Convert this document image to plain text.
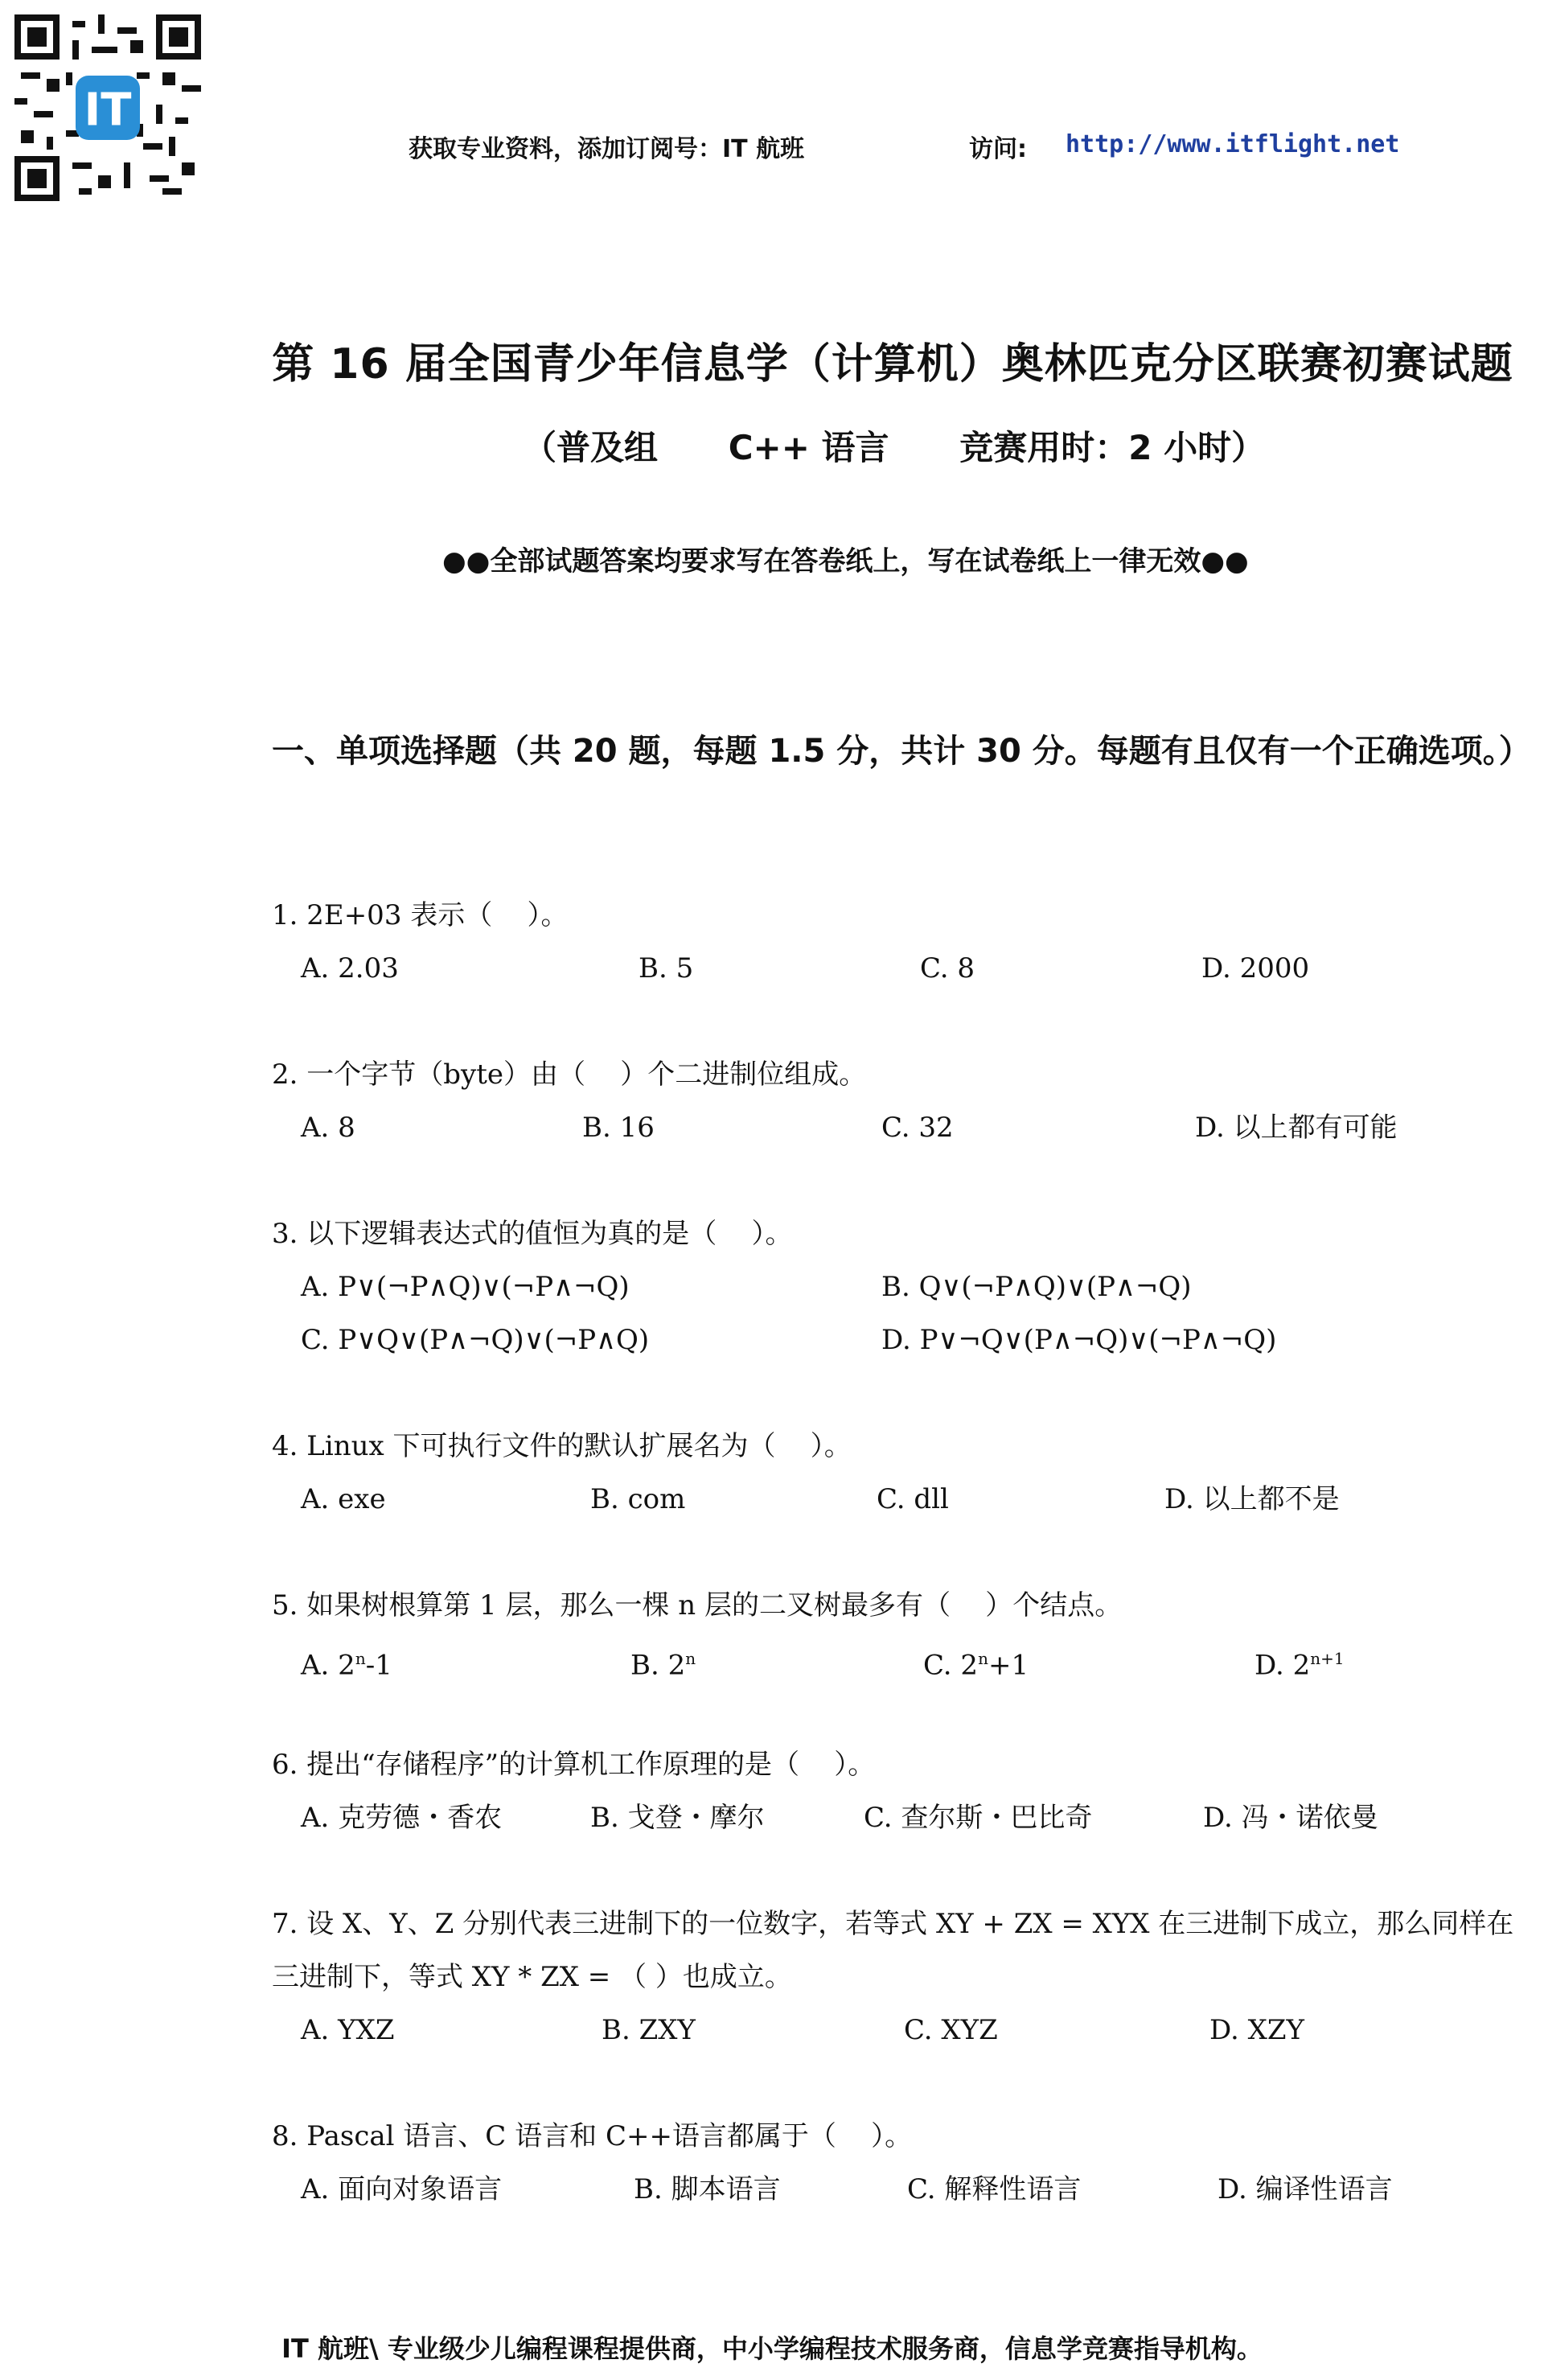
IT
获取专业资料，添加订阅号：IT 航班	访问: http://www.itflight.net
第 16 届全国青少年信息学（计算机）奥林匹克分区联赛初赛试题
（普及组      C++ 语言      竞赛用时：2 小时）
●●全部试题答案均要求写在答卷纸上，写在试卷纸上一律无效●●
一、单项选择题（共 20 题，每题 1.5 分，共计 30 分。每题有且仅有一个正确选项。）
1. 2E+03 表示（    ）。
A. 2.03	B. 5	C. 8	D. 2000
2. 一个字节（byte）由（    ）个二进制位组成。
A. 8	B. 16	C. 32	D. 以上都有可能
3. 以下逻辑表达式的值恒为真的是（    ）。
A. P∨(¬P∧Q)∨(¬P∧¬Q)	B. Q∨(¬P∧Q)∨(P∧¬Q)
C. P∨Q∨(P∧¬Q)∨(¬P∧Q)	D. P∨¬Q∨(P∧¬Q)∨(¬P∧¬Q)
4. Linux 下可执行文件的默认扩展名为（    ）。
A. exe	B. com	C. dll	D. 以上都不是
5. 如果树根算第 1 层，那么一棵 n 层的二叉树最多有（    ）个结点。
A. 2$^n$-1	B. 2$^n$	C. $2^n+1$	D. $2^{n+1}$
6. 提出“存储程序”的计算机工作原理的是（    ）。
A. 克劳德・香农	B. 戈登・摩尔	C. 查尔斯・巴比奇	D. 冯・诺依曼
7. 设 X、Y、Z 分别代表三进制下的一位数字，若等式 XY + ZX = XYX 在三进制下成立，那么同样在三进制下，等式 XY * ZX = （ ）也成立。
A. YXZ	B. ZXY	C. XYZ	D. XZY
8. Pascal 语言、C 语言和 C++语言都属于（    ）。
A. 面向对象语言	B. 脚本语言	C. 解释性语言	D. 编译性语言
IT 航班\ 专业级少儿编程课程提供商，中小学编程技术服务商，信息学竞赛指导机构。
